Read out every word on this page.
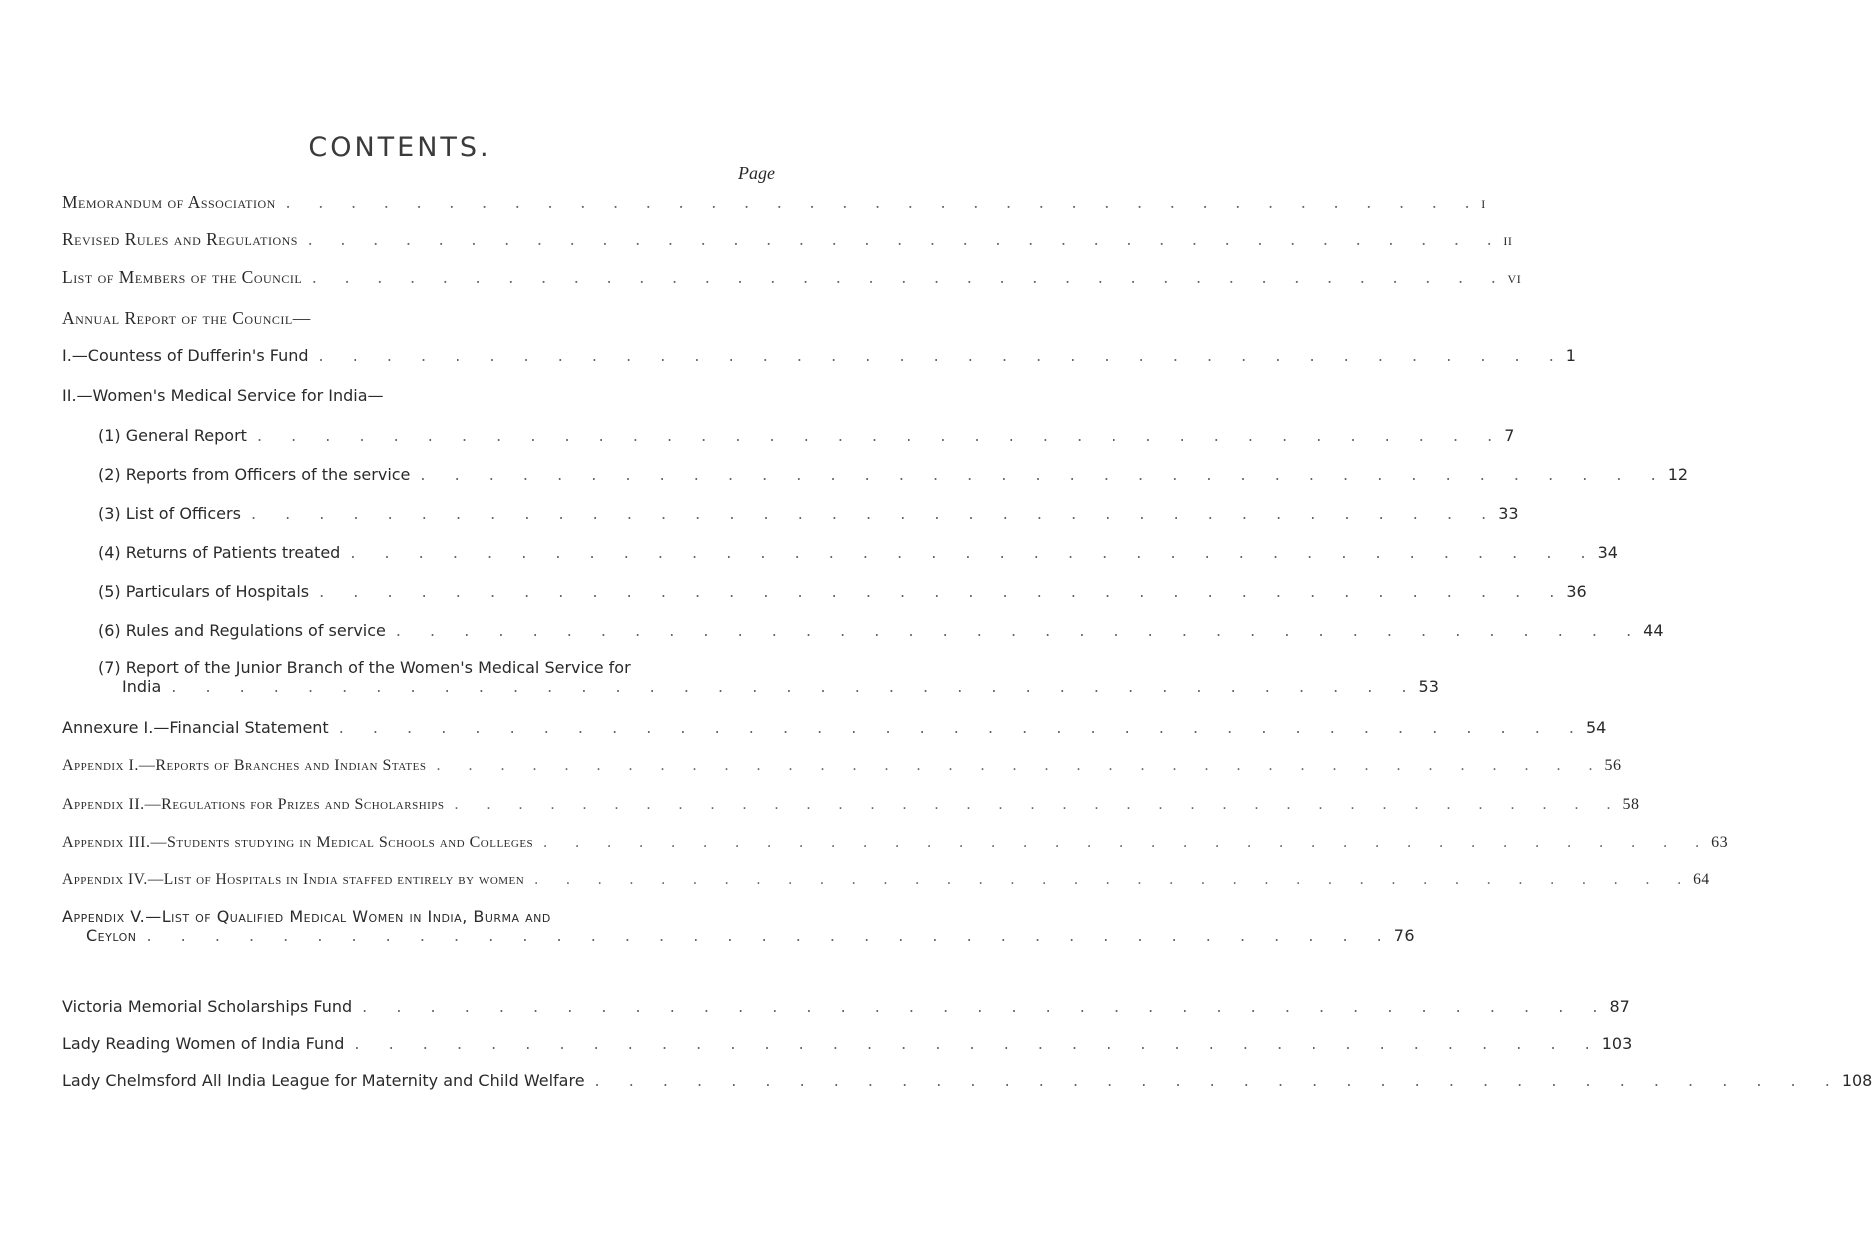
CONTENTS.
Page
Memorandum of Association . . . . . . . . . . . . . . . . . . . . . . . . . . . . . . . . . . . . . i
Revised Rules and Regulations . . . . . . . . . . . . . . . . . . . . . . . . . . . . . . . . . . . . . ii
List of Members of the Council . . . . . . . . . . . . . . . . . . . . . . . . . . . . . . . . . . . . . vi
Annual Report of the Council—
I.—Countess of Dufferin's Fund . . . . . . . . . . . . . . . . . . . . . . . . . . . . . . . . . . . . . 1
II.—Women's Medical Service for India—
(1) General Report . . . . . . . . . . . . . . . . . . . . . . . . . . . . . . . . . . . . . 7
(2) Reports from Officers of the service . . . . . . . . . . . . . . . . . . . . . . . . . . . . . . . . . . . . . 12
(3) List of Officers . . . . . . . . . . . . . . . . . . . . . . . . . . . . . . . . . . . . . 33
(4) Returns of Patients treated . . . . . . . . . . . . . . . . . . . . . . . . . . . . . . . . . . . . . 34
(5) Particulars of Hospitals . . . . . . . . . . . . . . . . . . . . . . . . . . . . . . . . . . . . . 36
(6) Rules and Regulations of service . . . . . . . . . . . . . . . . . . . . . . . . . . . . . . . . . . . . . 44
(7) Report of the Junior Branch of the Women's Medical Service for
India . . . . . . . . . . . . . . . . . . . . . . . . . . . . . . . . . . . . . 53
Annexure I.—Financial Statement . . . . . . . . . . . . . . . . . . . . . . . . . . . . . . . . . . . . . 54
Appendix I.—Reports of Branches and Indian States . . . . . . . . . . . . . . . . . . . . . . . . . . . . . . . . . . . . . 56
Appendix II.—Regulations for Prizes and Scholarships . . . . . . . . . . . . . . . . . . . . . . . . . . . . . . . . . . . . . 58
Appendix III.—Students studying in Medical Schools and Colleges . . . . . . . . . . . . . . . . . . . . . . . . . . . . . . . . . . . . . 63
Appendix IV.—List of Hospitals in India staffed entirely by women . . . . . . . . . . . . . . . . . . . . . . . . . . . . . . . . . . . . . 64
Appendix V.—List of Qualified Medical Women in India, Burma and
Ceylon . . . . . . . . . . . . . . . . . . . . . . . . . . . . . . . . . . . . . 76
Victoria Memorial Scholarships Fund . . . . . . . . . . . . . . . . . . . . . . . . . . . . . . . . . . . . . 87
Lady Reading Women of India Fund . . . . . . . . . . . . . . . . . . . . . . . . . . . . . . . . . . . . . 103
Lady Chelmsford All India League for Maternity and Child Welfare . . . . . . . . . . . . . . . . . . . . . . . . . . . . . . . . . . . . . 108
